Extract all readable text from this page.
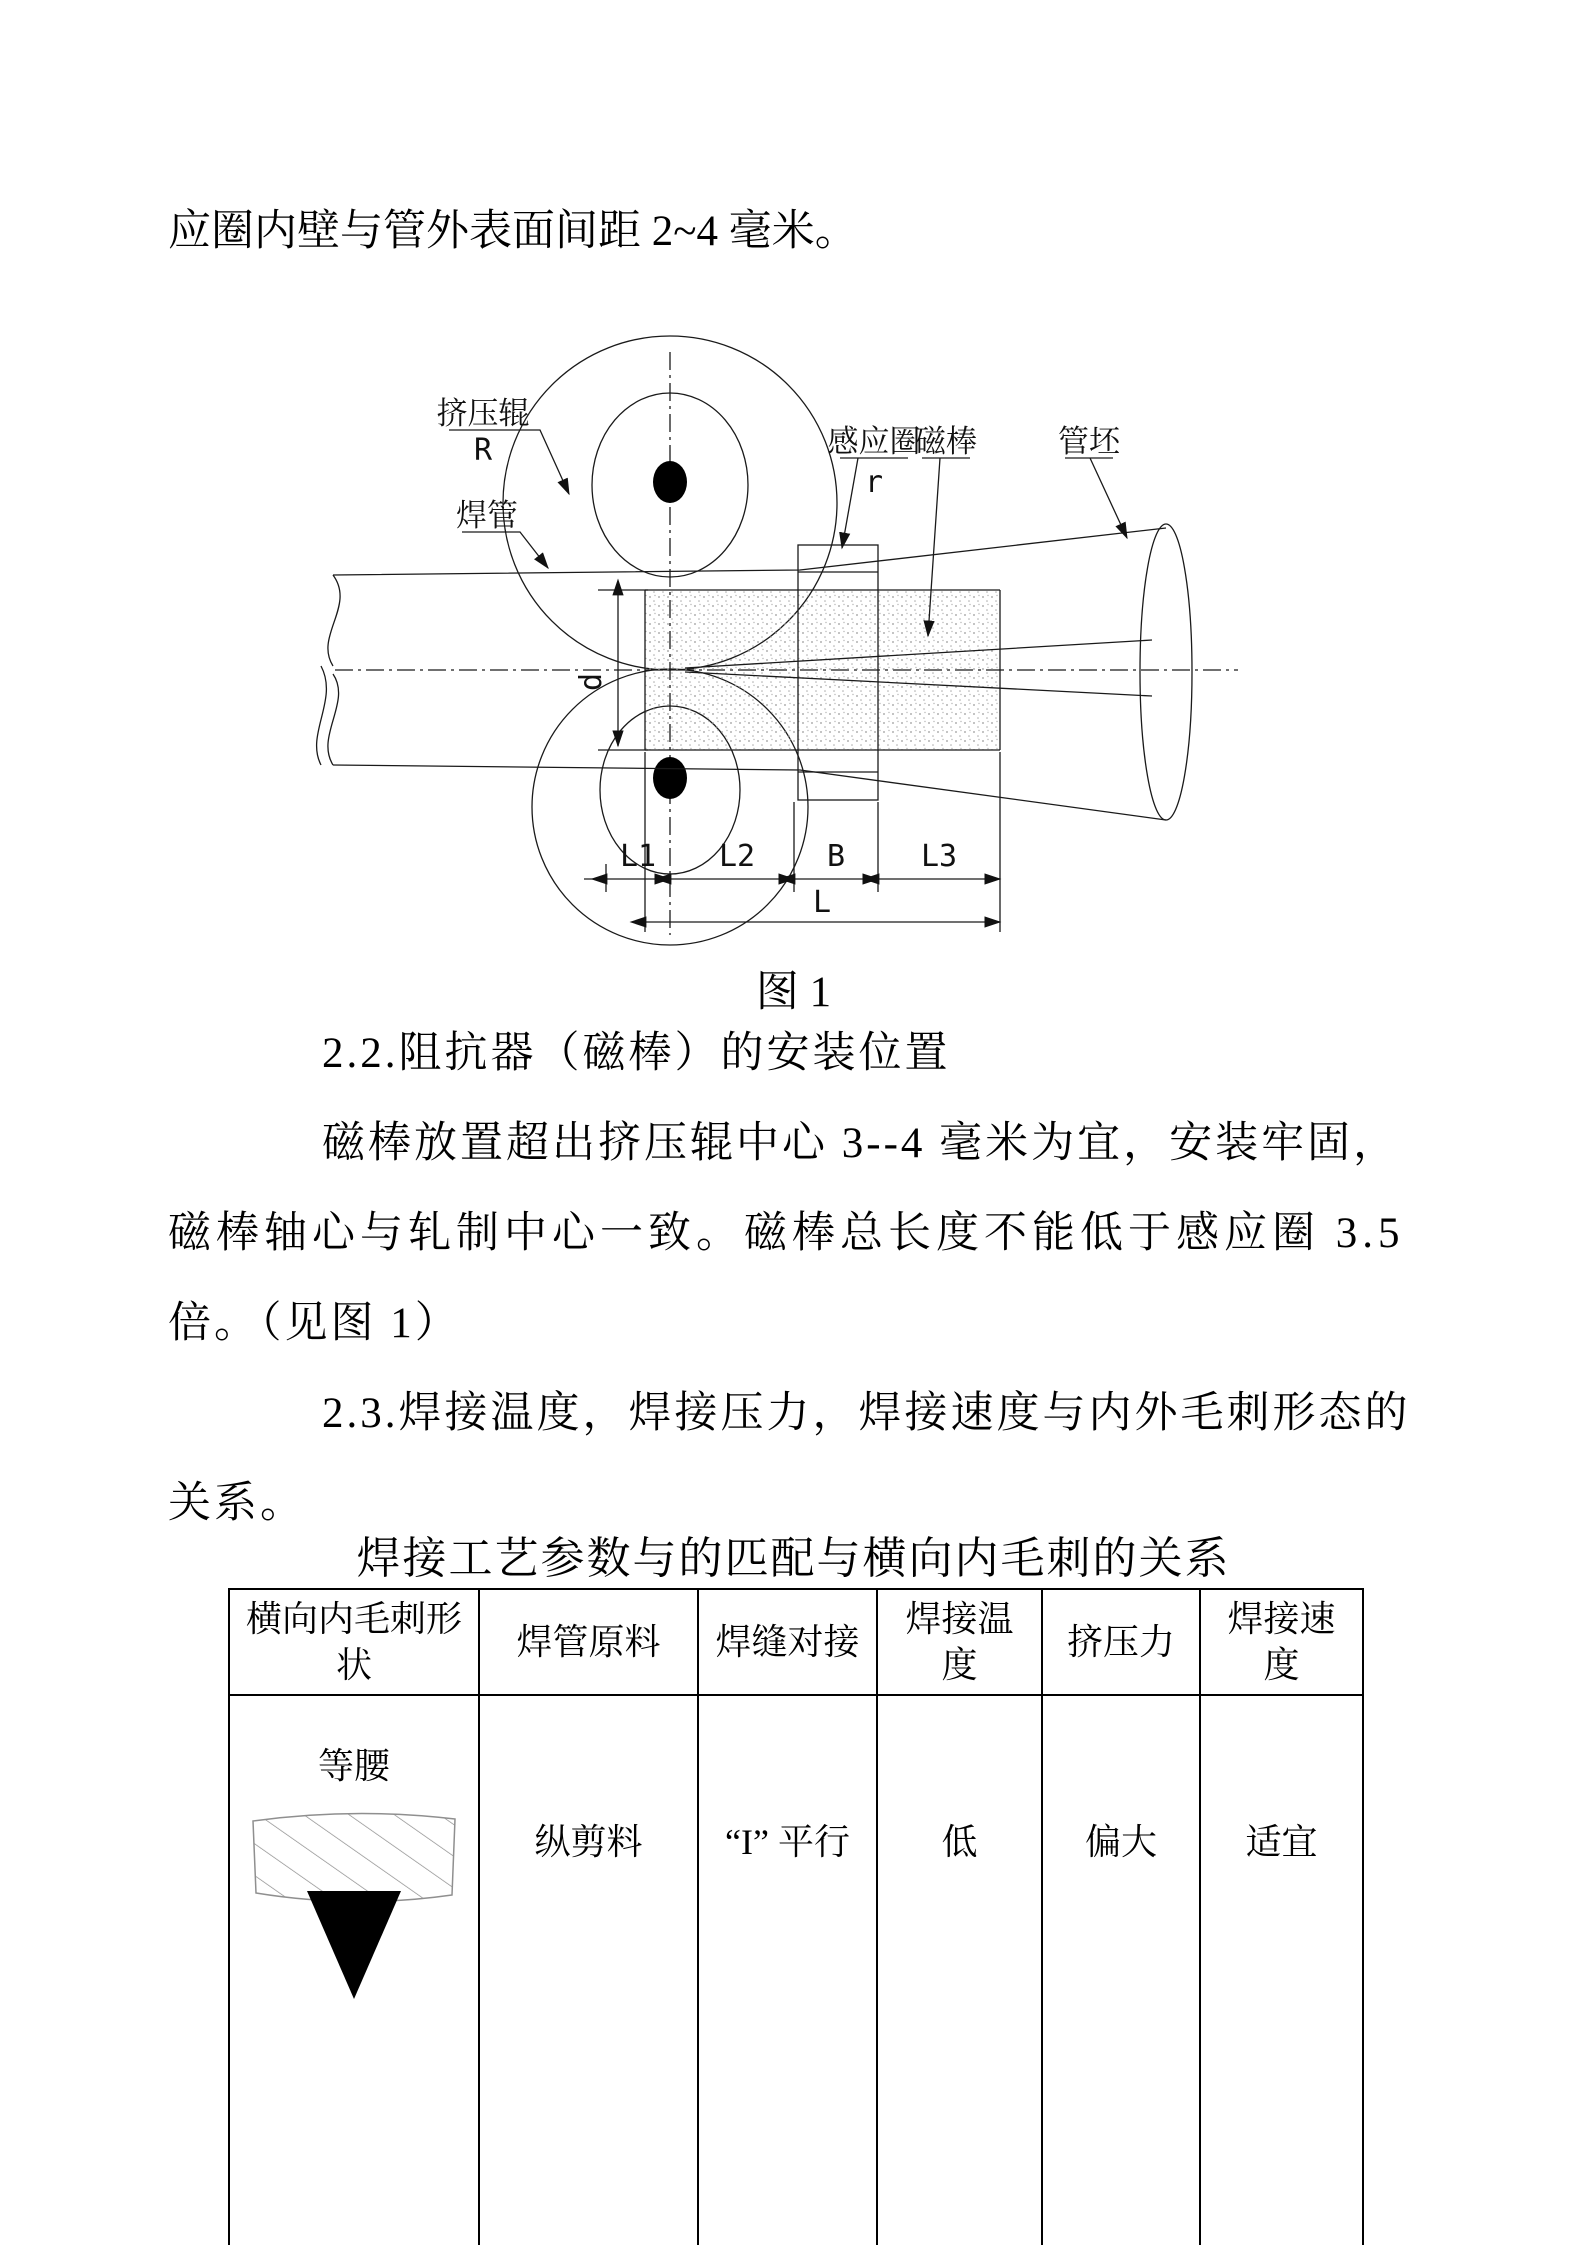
应圈内壁与管外表面间距 2~4 毫米。
挤压辊
R
焊管
感应圈
r
磁棒	管坯
d
L1 L2 B	L3
L
图 1
2.2.阻抗器（磁棒）的安装位置
磁棒放置超出挤压辊中心 3--4 毫米为宜，安装牢固，
磁棒轴心与轧制中心一致。磁棒总长度不能低于感应圈 3.5
倍。（见图 1）
2.3.焊接温度，焊接压力，焊接速度与内外毛刺形态的
关系。
焊接工艺参数与的匹配与横向内毛刺的关系
横向内毛刺形状	焊管原料	焊缝对接	焊接温度	挤压力	焊接速度

等腰	纵剪料	“I” 平行	低	偏大	适宜
